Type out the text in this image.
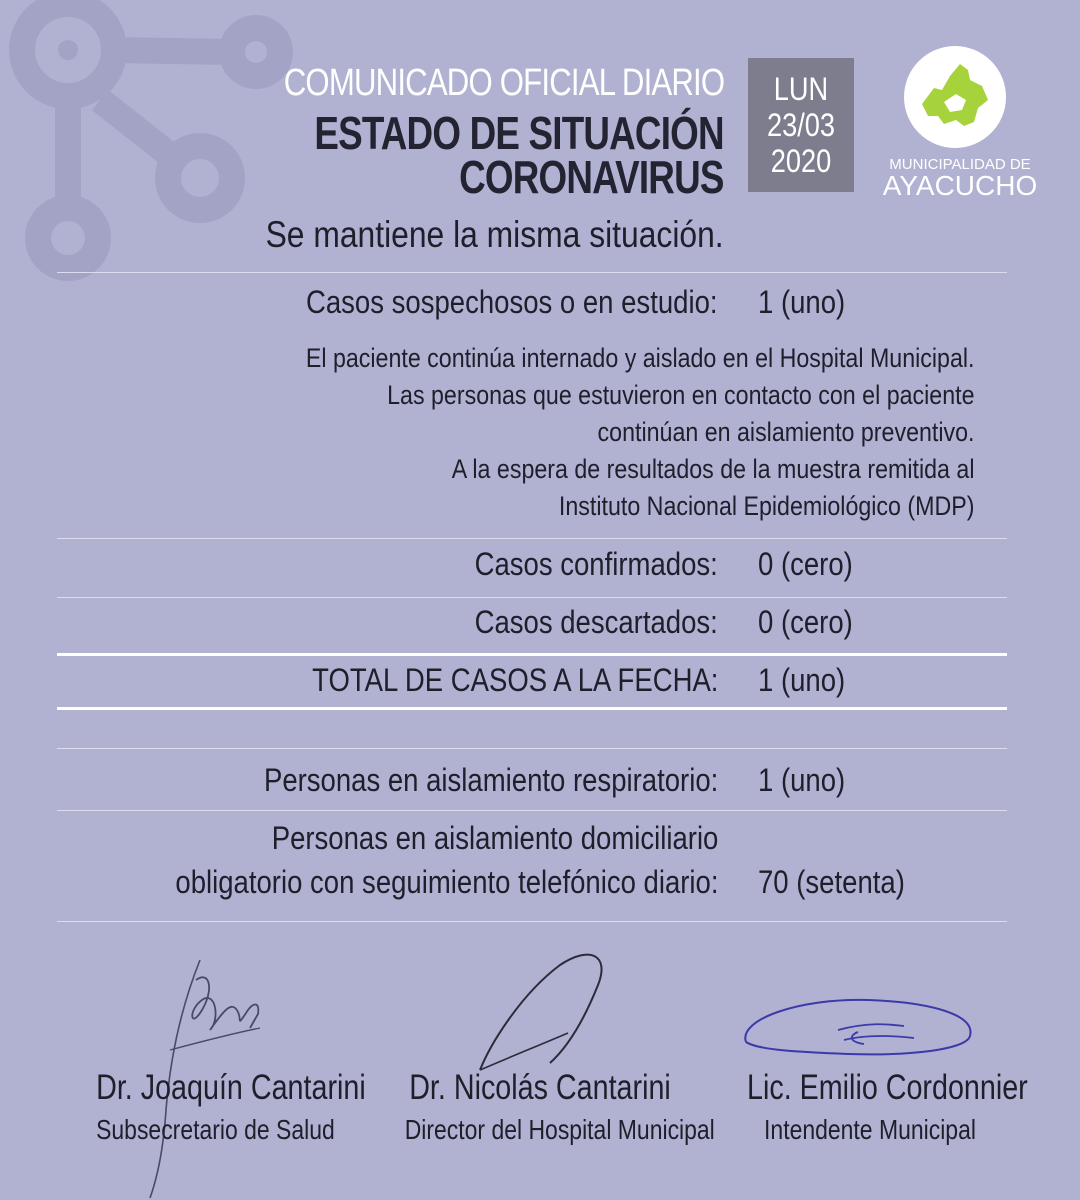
COMUNICADO OFICIAL DIARIO
ESTADO DE SITUACIÓN
CORONAVIRUS
LUN
23/03
2020	MUNICIPALIDAD DE
AYACUCHO
Se mantiene la misma situación.
Casos sospechosos o en estudio: 1 (uno)
El paciente continúa internado y aislado en el Hospital Municipal.
Las personas que estuvieron en contacto con el paciente
continúan en aislamiento preventivo.
A la espera de resultados de la muestra remitida al
Instituto Nacional Epidemiológico (MDP)
Casos confirmados: 0 (cero)
Casos descartados: 0 (cero)
TOTAL DE CASOS A LA FECHA: 1 (uno)
Personas en aislamiento respiratorio: 1 (uno)
Personas en aislamiento domiciliario
obligatorio con seguimiento telefónico diario: 70 (setenta)
Dr. Joaquín Cantarini
Subsecretario de Salud
Dr. Nicolás Cantarini
Director del Hospital Municipal
Lic. Emilio Cordonnier
Intendente Municipal
